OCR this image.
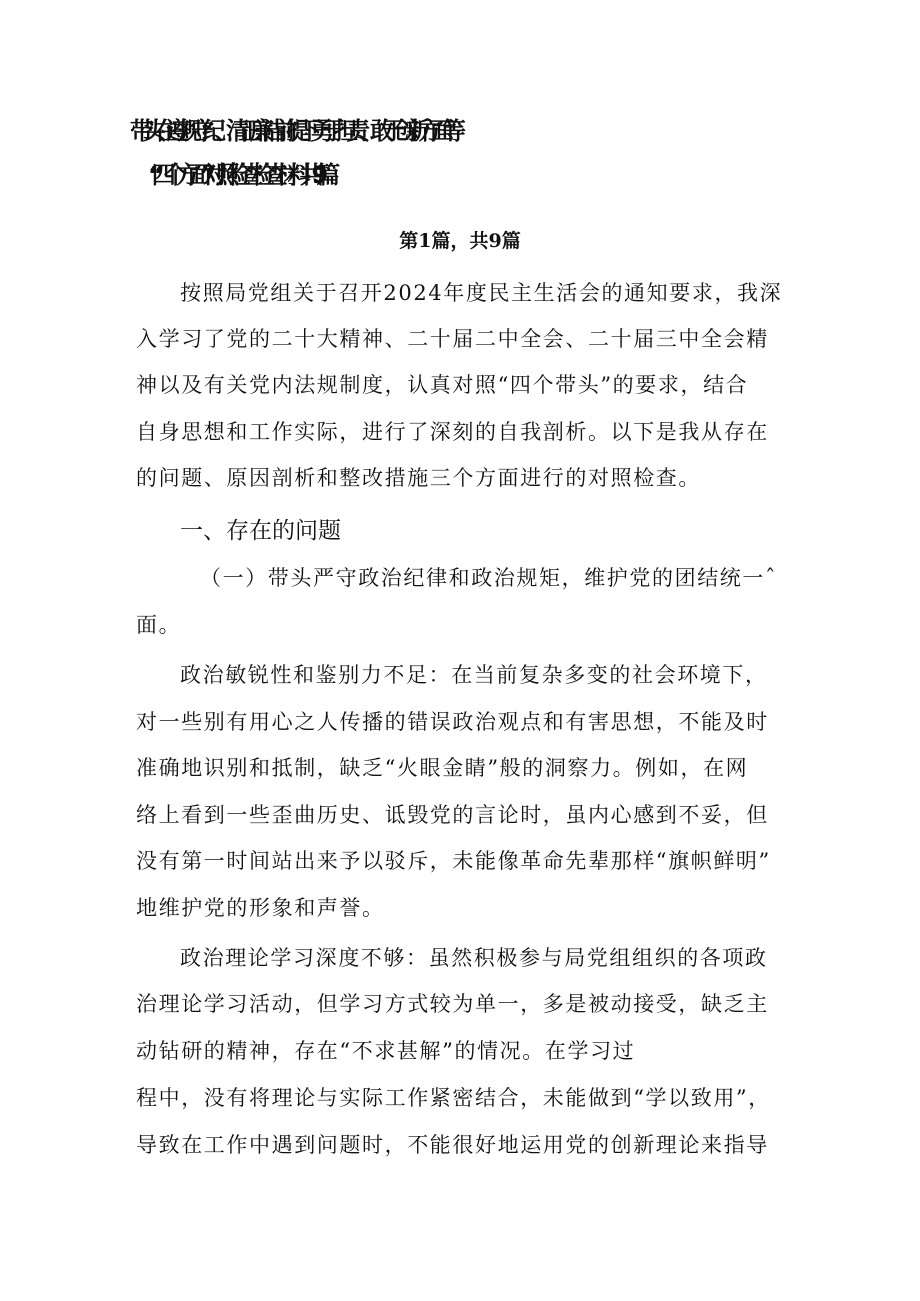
带头在遵规守纪、清正廉洁前提下勇于担责、敢于创新方面等
“四个方面”对照检查检查材料共9篇
第1篇，共9篇
按照局党组关于召开2024年度民主生活会的通知要求，我深
入学习了党的二十大精神、二十届二中全会、二十届三中全会精
神以及有关党内法规制度，认真对照“四个带头”的要求，结合
自身思想和工作实际，进行了深刻的自我剖析。以下是我从存在
的问题、原因剖析和整改措施三个方面进行的对照检查。
一、存在的问题
（一）带头严守政治纪律和政治规矩，维护党的团结统一ˆ
面。
政治敏锐性和鉴别力不足：在当前复杂多变的社会环境下，
对一些别有用心之人传播的错误政治观点和有害思想，不能及时
准确地识别和抵制，缺乏“火眼金睛”般的洞察力。例如，在网
络上看到一些歪曲历史、诋毁党的言论时，虽内心感到不妥，但
没有第一时间站出来予以驳斥，未能像革命先辈那样“旗帜鲜明”
地维护党的形象和声誉。
政治理论学习深度不够：虽然积极参与局党组组织的各项政
治理论学习活动，但学习方式较为单一，多是被动接受，缺乏主
动钻研的精神，存在“不求甚解”的情况。在学习过
程中，没有将理论与实际工作紧密结合，未能做到“学以致用”，
导致在工作中遇到问题时，不能很好地运用党的创新理论来指导
